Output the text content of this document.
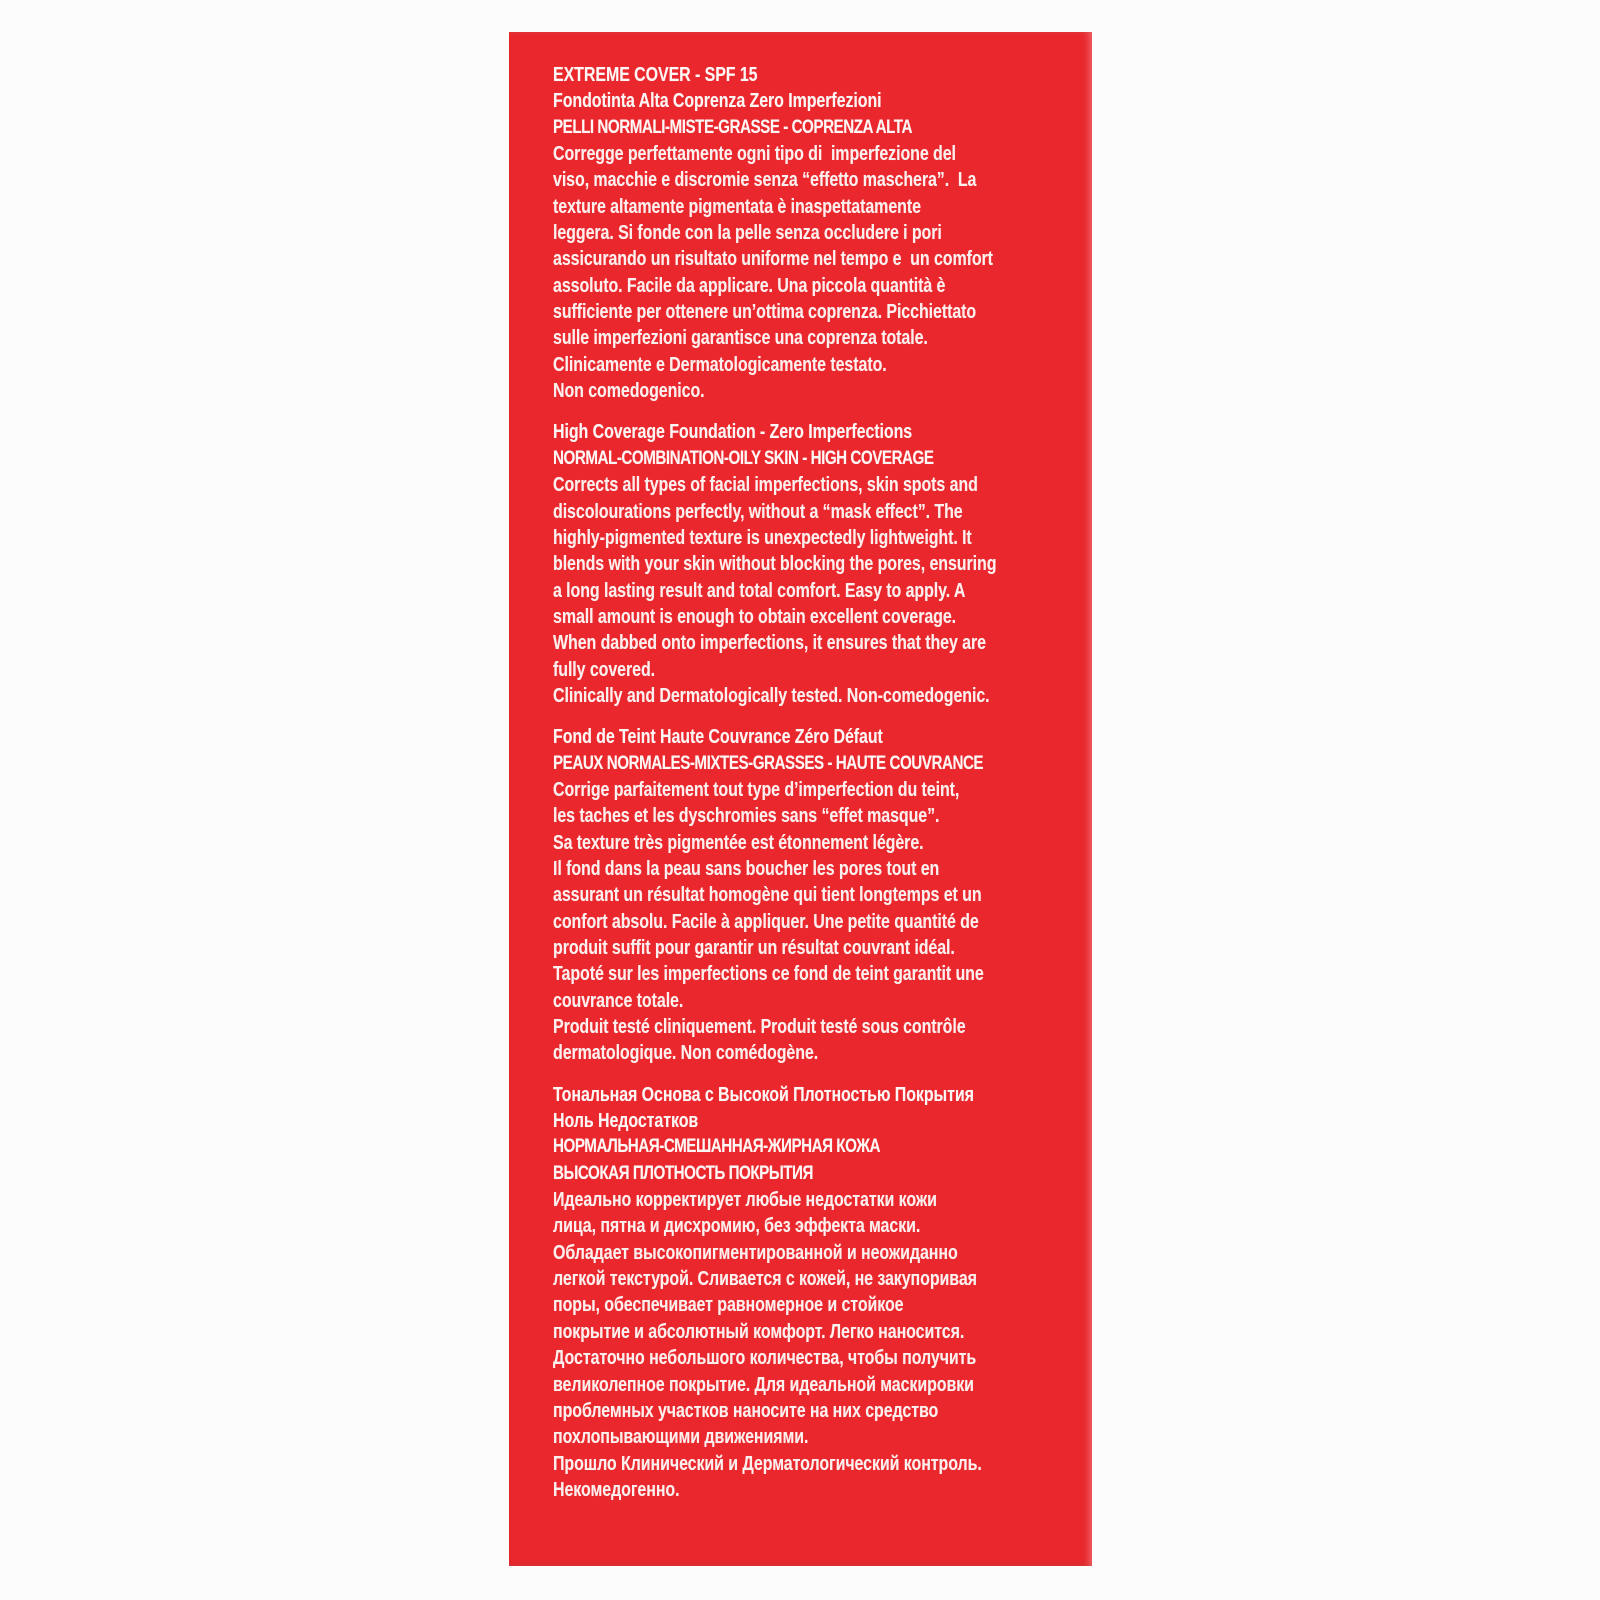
EXTREME COVER - SPF 15
Fondotinta Alta Coprenza Zero Imperfezioni
PELLI NORMALI-MISTE-GRASSE - COPRENZA ALTA
Corregge perfettamente ogni tipo di  imperfezione del
viso, macchie e discromie senza “effetto maschera”.  La
texture altamente pigmentata è inaspettatamente
leggera. Si fonde con la pelle senza occludere i pori
assicurando un risultato uniforme nel tempo e  un comfort
assoluto. Facile da applicare. Una piccola quantità è
sufficiente per ottenere un’ottima coprenza. Picchiettato
sulle imperfezioni garantisce una coprenza totale.
Clinicamente e Dermatologicamente testato.
Non comedogenico.
High Coverage Foundation - Zero Imperfections
NORMAL-COMBINATION-OILY SKIN - HIGH COVERAGE
Corrects all types of facial imperfections, skin spots and
discolourations perfectly, without a “mask effect”. The
highly-pigmented texture is unexpectedly lightweight. It
blends with your skin without blocking the pores, ensuring
a long lasting result and total comfort. Easy to apply. A
small amount is enough to obtain excellent coverage.
When dabbed onto imperfections, it ensures that they are
fully covered.
Clinically and Dermatologically tested. Non-comedogenic.
Fond de Teint Haute Couvrance Zéro Défaut
PEAUX NORMALES-MIXTES-GRASSES - HAUTE COUVRANCE
Corrige parfaitement tout type d’imperfection du teint,
les taches et les dyschromies sans “effet masque”.
Sa texture très pigmentée est étonnement légère.
Il fond dans la peau sans boucher les pores tout en
assurant un résultat homogène qui tient longtemps et un
confort absolu. Facile à appliquer. Une petite quantité de
produit suffit pour garantir un résultat couvrant idéal.
Tapoté sur les imperfections ce fond de teint garantit une
couvrance totale.
Produit testé cliniquement. Produit testé sous contrôle
dermatologique. Non comédogène.
Тональная Основа с Высокой Плотностью Покрытия
Ноль Недостатков
НОРМАЛЬНАЯ-СМЕШАННАЯ-ЖИРНАЯ КОЖА
ВЫСОКАЯ ПЛОТНОСТЬ ПОКРЫТИЯ
Идеально корректирует любые недостатки кожи
лица, пятна и дисхромию, без эффекта маски.
Обладает высокопигментированной и неожиданно
легкой текстурой. Сливается с кожей, не закупоривая
поры, обеспечивает равномерное и стойкое
покрытие и абсолютный комфорт. Легко наносится.
Достаточно небольшого количества, чтобы получить
великолепное покрытие. Для идеальной маскировки
проблемных участков наносите на них средство
похлопывающими движениями.
Прошло Клинический и Дерматологический контроль.
Некомедогенно.
